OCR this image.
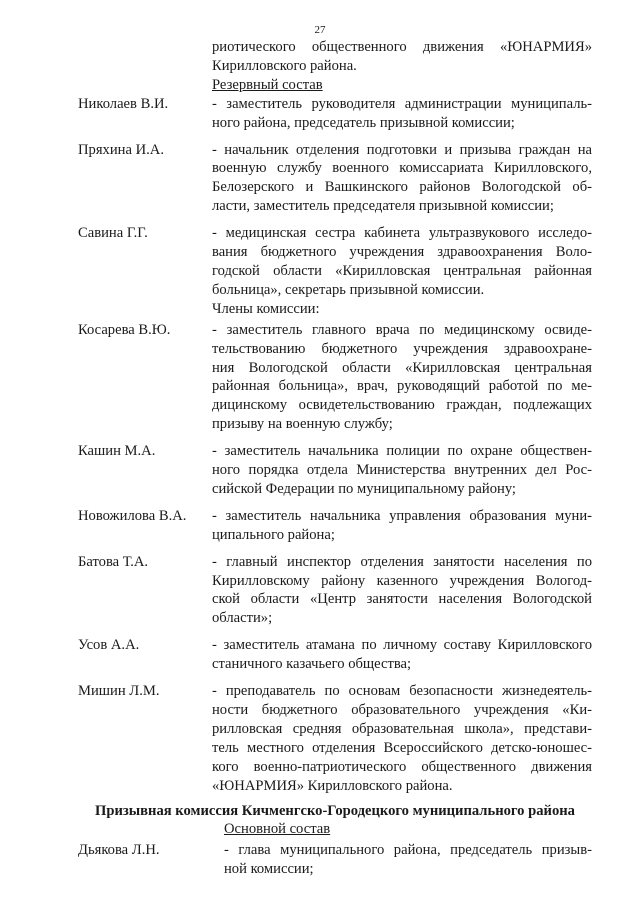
27
риотического общественного движения «ЮНАРМИЯ»
Кирилловского района.
Резервный состав
Николаев В.И.	- заместитель руководителя администрации муниципаль-
ного района, председатель призывной комиссии;
Пряхина И.А.	- начальник отделения подготовки и призыва граждан на
военную службу военного комиссариата Кирилловского,
Белозерского и Вашкинского районов Вологодской об-
ласти, заместитель председателя призывной комиссии;
Савина Г.Г.	- медицинская сестра кабинета ультразвукового исследо-
вания бюджетного учреждения здравоохранения Воло-
годской области «Кирилловская центральная районная
больница», секретарь призывной комиссии.
Члены комиссии:
Косарева В.Ю.	- заместитель главного врача по медицинскому освиде-
тельствованию бюджетного учреждения здравоохране-
ния Вологодской области «Кирилловская центральная
районная больница», врач, руководящий работой по ме-
дицинскому освидетельствованию граждан, подлежащих
призыву на военную службу;
Кашин М.А.	- заместитель начальника полиции по охране обществен-
ного порядка отдела Министерства внутренних дел Рос-
сийской Федерации по муниципальному району;
Новожилова В.А.	- заместитель начальника управления образования муни-
ципального района;
Батова Т.А.	- главный инспектор отделения занятости населения по
Кирилловскому району казенного учреждения Вологод-
ской области «Центр занятости населения Вологодской
области»;
Усов А.А.	- заместитель атамана по личному составу Кирилловского
станичного казачьего общества;
Мишин Л.М.	- преподаватель по основам безопасности жизнедеятель-
ности бюджетного образовательного учреждения «Ки-
рилловская средняя образовательная школа», представи-
тель местного отделения Всероссийского детско-юношес-
кого военно-патриотического общественного движения
«ЮНАРМИЯ» Кирилловского района.
Призывная комиссия Кичменгско-Городецкого муниципального района
Основной состав
Дьякова Л.Н.	- глава муниципального района, председатель призыв-
ной комиссии;
